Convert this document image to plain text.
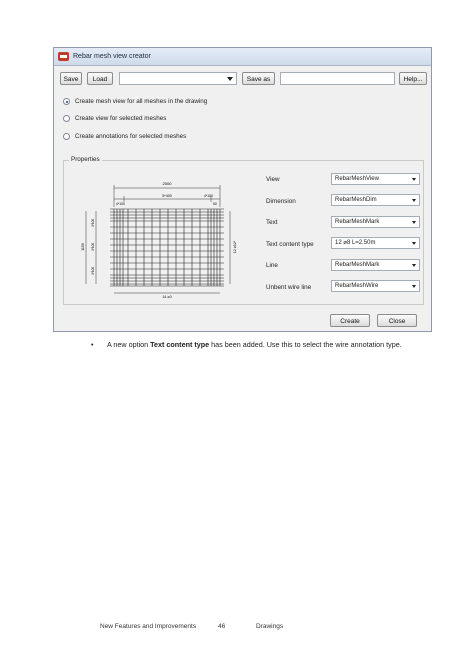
Rebar mesh view creator
Save	Load	Save as	Help...
Create mesh view for all meshes in the drawing
Create view for selected meshes
Create annotations for selected meshes
Properties
2000
5*400
4*100
4*100
50
14 ⌀0
12 ⌀12*
1150
4*100
4*100
4*100
View	RebarMeshView
Dimension	RebarMeshDim
Text	RebarMeshMark
Text content type	12 ⌀8 L=2.50m
Line	RebarMeshMark
Unbent wire line	RebarMeshWire
Create	Close
• A new option Text content type has been added. Use this to select the wire annotation type.
New Features and Improvements	46	Drawings
